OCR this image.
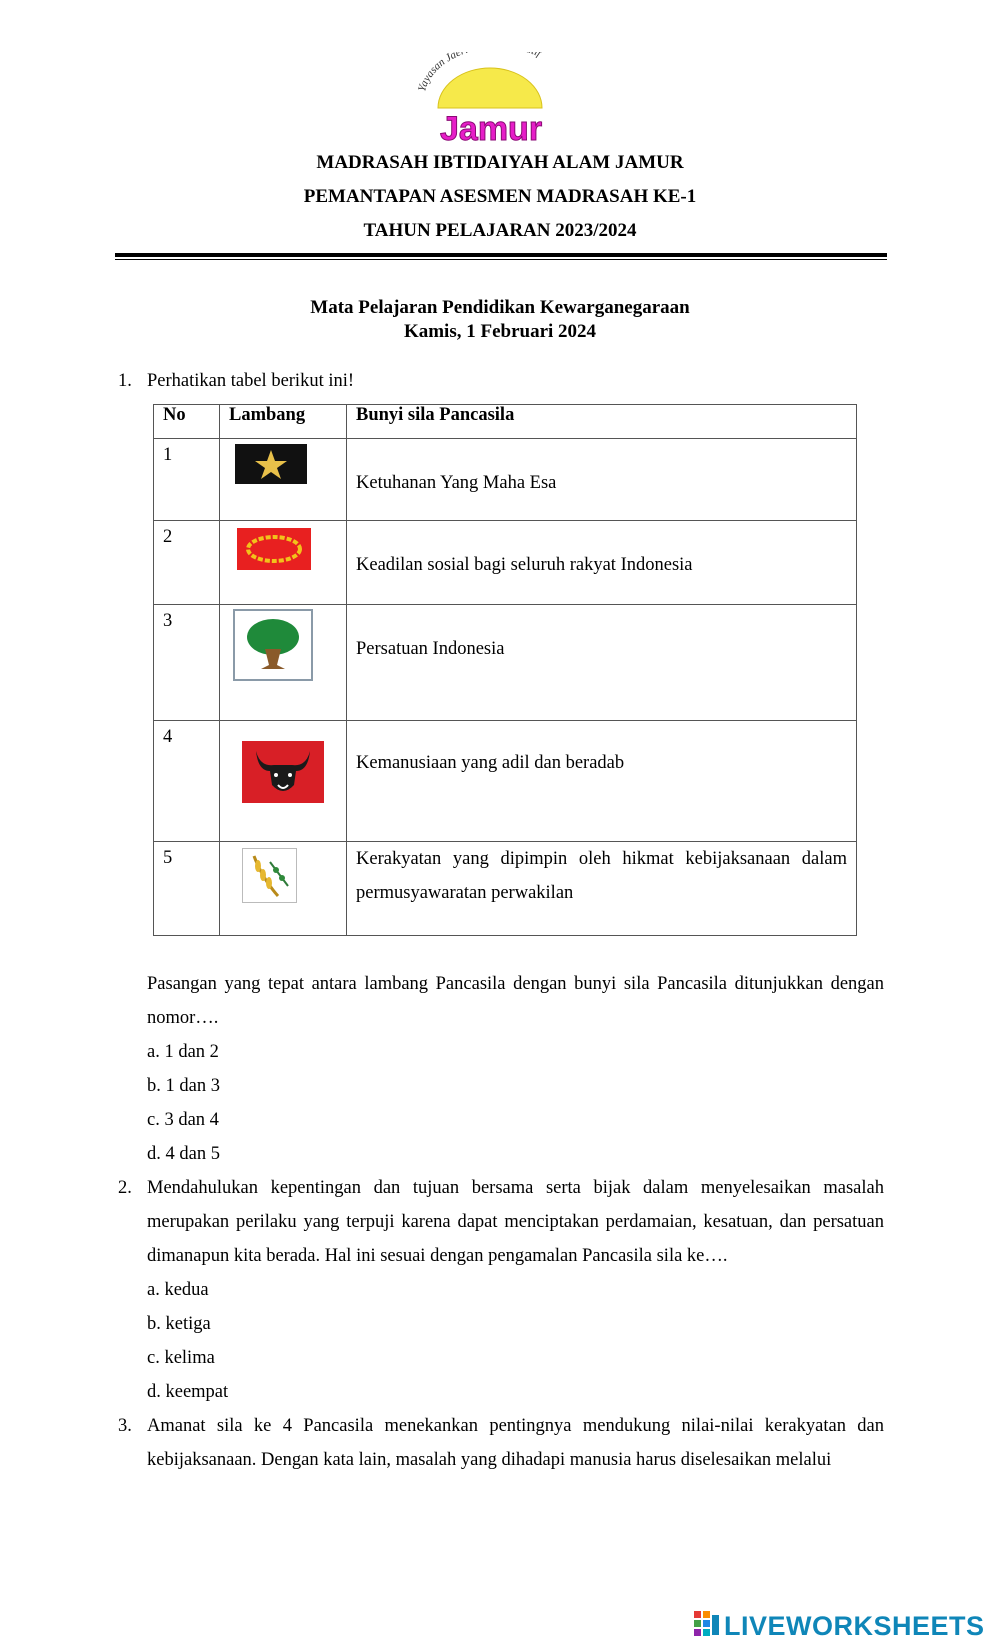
Yayasan Jae if
Jamur
MADRASAH IBTIDAIYAH ALAM JAMUR
PEMANTAPAN ASESMEN MADRASAH KE-1
TAHUN PELAJARAN 2023/2024
Mata Pelajaran Pendidikan Kewarganegaraan
Kamis, 1 Februari 2024
1. Perhatikan tabel berikut ini!
No	Lambang	Bunyi sila Pancasila
1		Ketuhanan Yang Maha Esa
2		Keadilan sosial bagi seluruh rakyat Indonesia
3		Persatuan Indonesia
4		Kemanusiaan yang adil dan beradab
5		Kerakyatan yang dipimpin oleh hikmat kebijaksanaan dalam permusyawaratan perwakilan
Pasangan yang tepat antara lambang Pancasila dengan bunyi sila Pancasila ditunjukkan dengan nomor….
a. 1 dan 2
b. 1 dan 3
c. 3 dan 4
d. 4 dan 5
2. Mendahulukan kepentingan dan tujuan bersama serta bijak dalam menyelesaikan masalah merupakan perilaku yang terpuji karena dapat menciptakan perdamaian, kesatuan, dan persatuan dimanapun kita berada. Hal ini sesuai dengan pengamalan Pancasila sila ke….
a. kedua
b. ketiga
c. kelima
d. keempat
3. Amanat sila ke 4 Pancasila menekankan pentingnya mendukung nilai-nilai kerakyatan dan kebijaksanaan. Dengan kata lain, masalah yang dihadapi manusia harus diselesaikan melalui
LIVEWORKSHEETS
